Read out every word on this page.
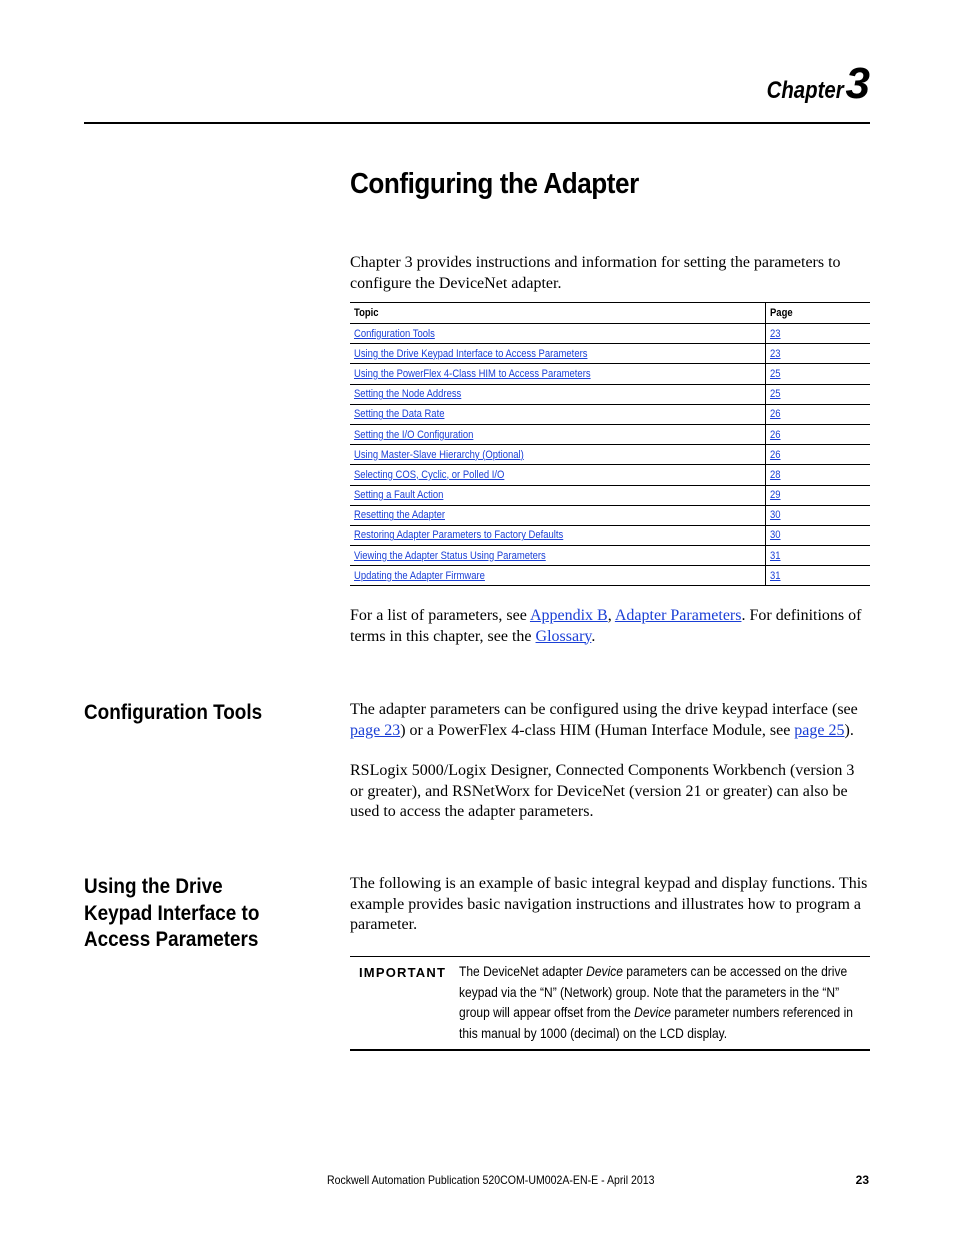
Chapter 3
Configuring the Adapter

Chapter 3 provides instructions and information for setting the parameters to configure the DeviceNet adapter.

Topic	Page
Configuration Tools	23
Using the Drive Keypad Interface to Access Parameters	23
Using the PowerFlex 4-Class HIM to Access Parameters	25
Setting the Node Address	25
Setting the Data Rate	26
Setting the I/O Configuration	26
Using Master-Slave Hierarchy (Optional)	26
Selecting COS, Cyclic, or Polled I/O	28
Setting a Fault Action	29
Resetting the Adapter	30
Restoring Adapter Parameters to Factory Defaults	30
Viewing the Adapter Status Using Parameters	31
Updating the Adapter Firmware	31

For a list of parameters, see Appendix B, Adapter Parameters. For definitions of terms in this chapter, see the Glossary.

Configuration Tools	The adapter parameters can be configured using the drive keypad interface (see page 23) or a PowerFlex 4-class HIM (Human Interface Module, see page 25).

RSLogix 5000/Logix Designer, Connected Components Workbench (version 3 or greater), and RSNetWorx for DeviceNet (version 21 or greater) can also be used to access the adapter parameters.

Using the Drive Keypad Interface to Access Parameters

The following is an example of basic integral keypad and display functions. This example provides basic navigation instructions and illustrates how to program a parameter.

IMPORTANT The DeviceNet adapter Device parameters can be accessed on the drive keypad via the “N” (Network) group. Note that the parameters in the “N” group will appear offset from the Device parameter numbers referenced in this manual by 1000 (decimal) on the LCD display.

Rockwell Automation Publication 520COM-UM002A-EN-E - April 2013	23
